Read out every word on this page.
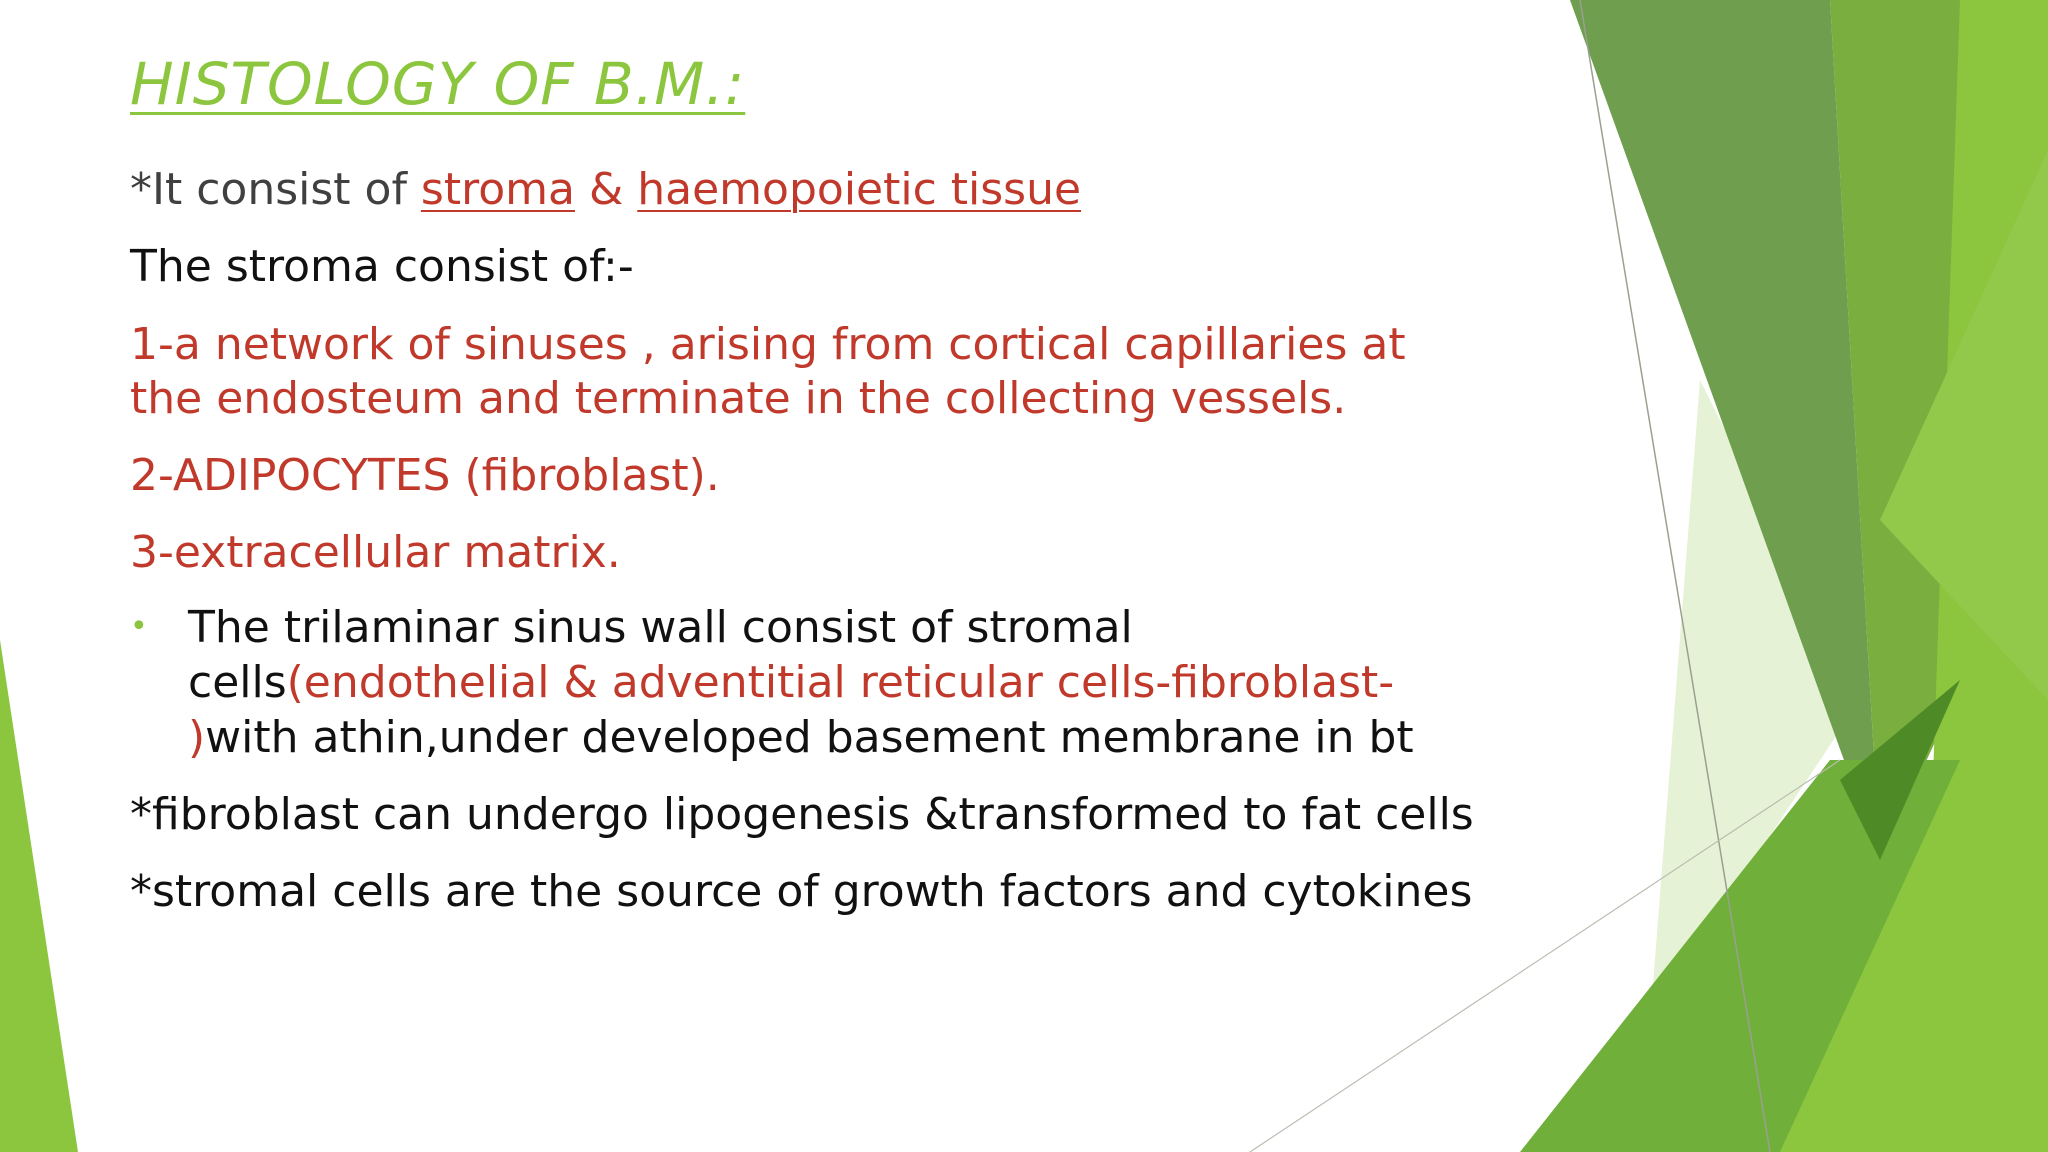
HISTOLOGY OF B.M.:
*It consist of stroma & haemopoietic tissue
The stroma consist of:-
1-a network of sinuses , arising from cortical capillaries at
the endosteum and terminate in the collecting vessels.
2-ADIPOCYTES (fibroblast).
3-extracellular matrix.
• The trilaminar sinus wall consist of stromal
cells(endothelial & adventitial reticular cells-fibroblast-
)with athin,under developed basement membrane in bt
*fibroblast can undergo lipogenesis &transformed to fat cells
*stromal cells are the source of growth factors and cytokines
